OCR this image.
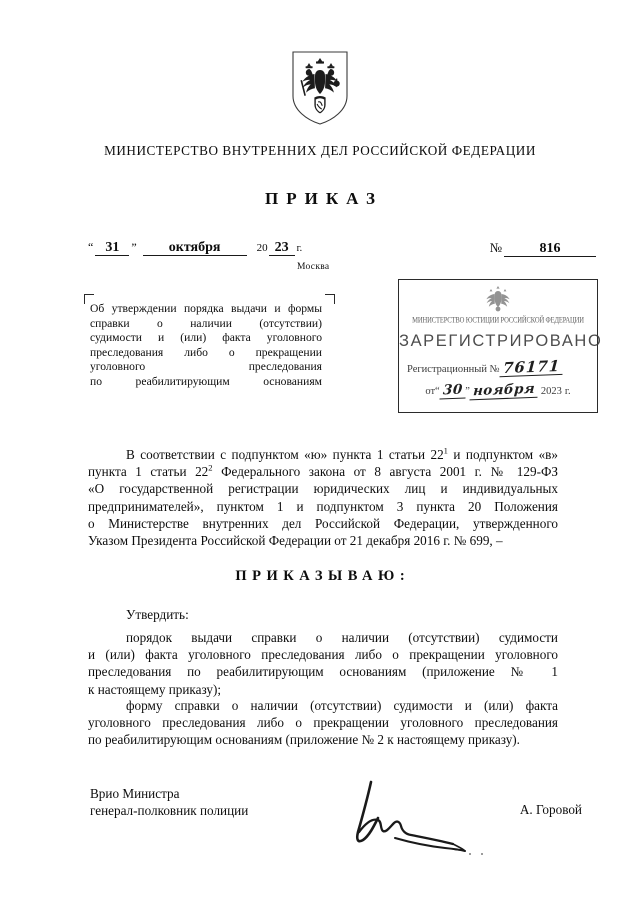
МИНИСТЕРСТВО ВНУТРЕННИХ ДЕЛ РОССИЙСКОЙ ФЕДЕРАЦИИ
ПРИКАЗ
“ 31	”	октября	20 23 г.	№	816
Москва
Об утверждении порядка выдачи и формы
справки о наличии (отсутствии)
судимости и (или) факта уголовного
преследования либо о прекращении
уголовного преследования
по реабилитирующим основаниям
МИНИСТЕРСТВО ЮСТИЦИИ РОССИЙСКОЙ ФЕДЕРАЦИИ
ЗАРЕГИСТРИРОВАНО
Регистрационный № 76171
от “ 30 ” ноября 2023 г.
В соответствии с подпунктом «ю» пункта 1 статьи $22^1$ и подпунктом «в»
пункта 1 статьи $22^2$ Федерального закона от 8 августа 2001 г. № 129-ФЗ
«О государственной регистрации юридических лиц и индивидуальных
предпринимателей», пунктом 1 и подпунктом 3 пункта 20 Положения
о Министерстве внутренних дел Российской Федерации, утвержденного
Указом Президента Российской Федерации от 21 декабря 2016 г. № 699, –
ПРИКАЗЫВАЮ:
Утвердить:
порядок выдачи справки о наличии (отсутствии) судимости
и (или) факта уголовного преследования либо о прекращении уголовного
преследования по реабилитирующим основаниям (приложение № 1
к настоящему приказу);
форму справки о наличии (отсутствии) судимости и (или) факта
уголовного преследования либо о прекращении уголовного преследования
по реабилитирующим основаниям (приложение № 2 к настоящему приказу).
Врио Министра
генерал-полковник полиции	А. Горовой
